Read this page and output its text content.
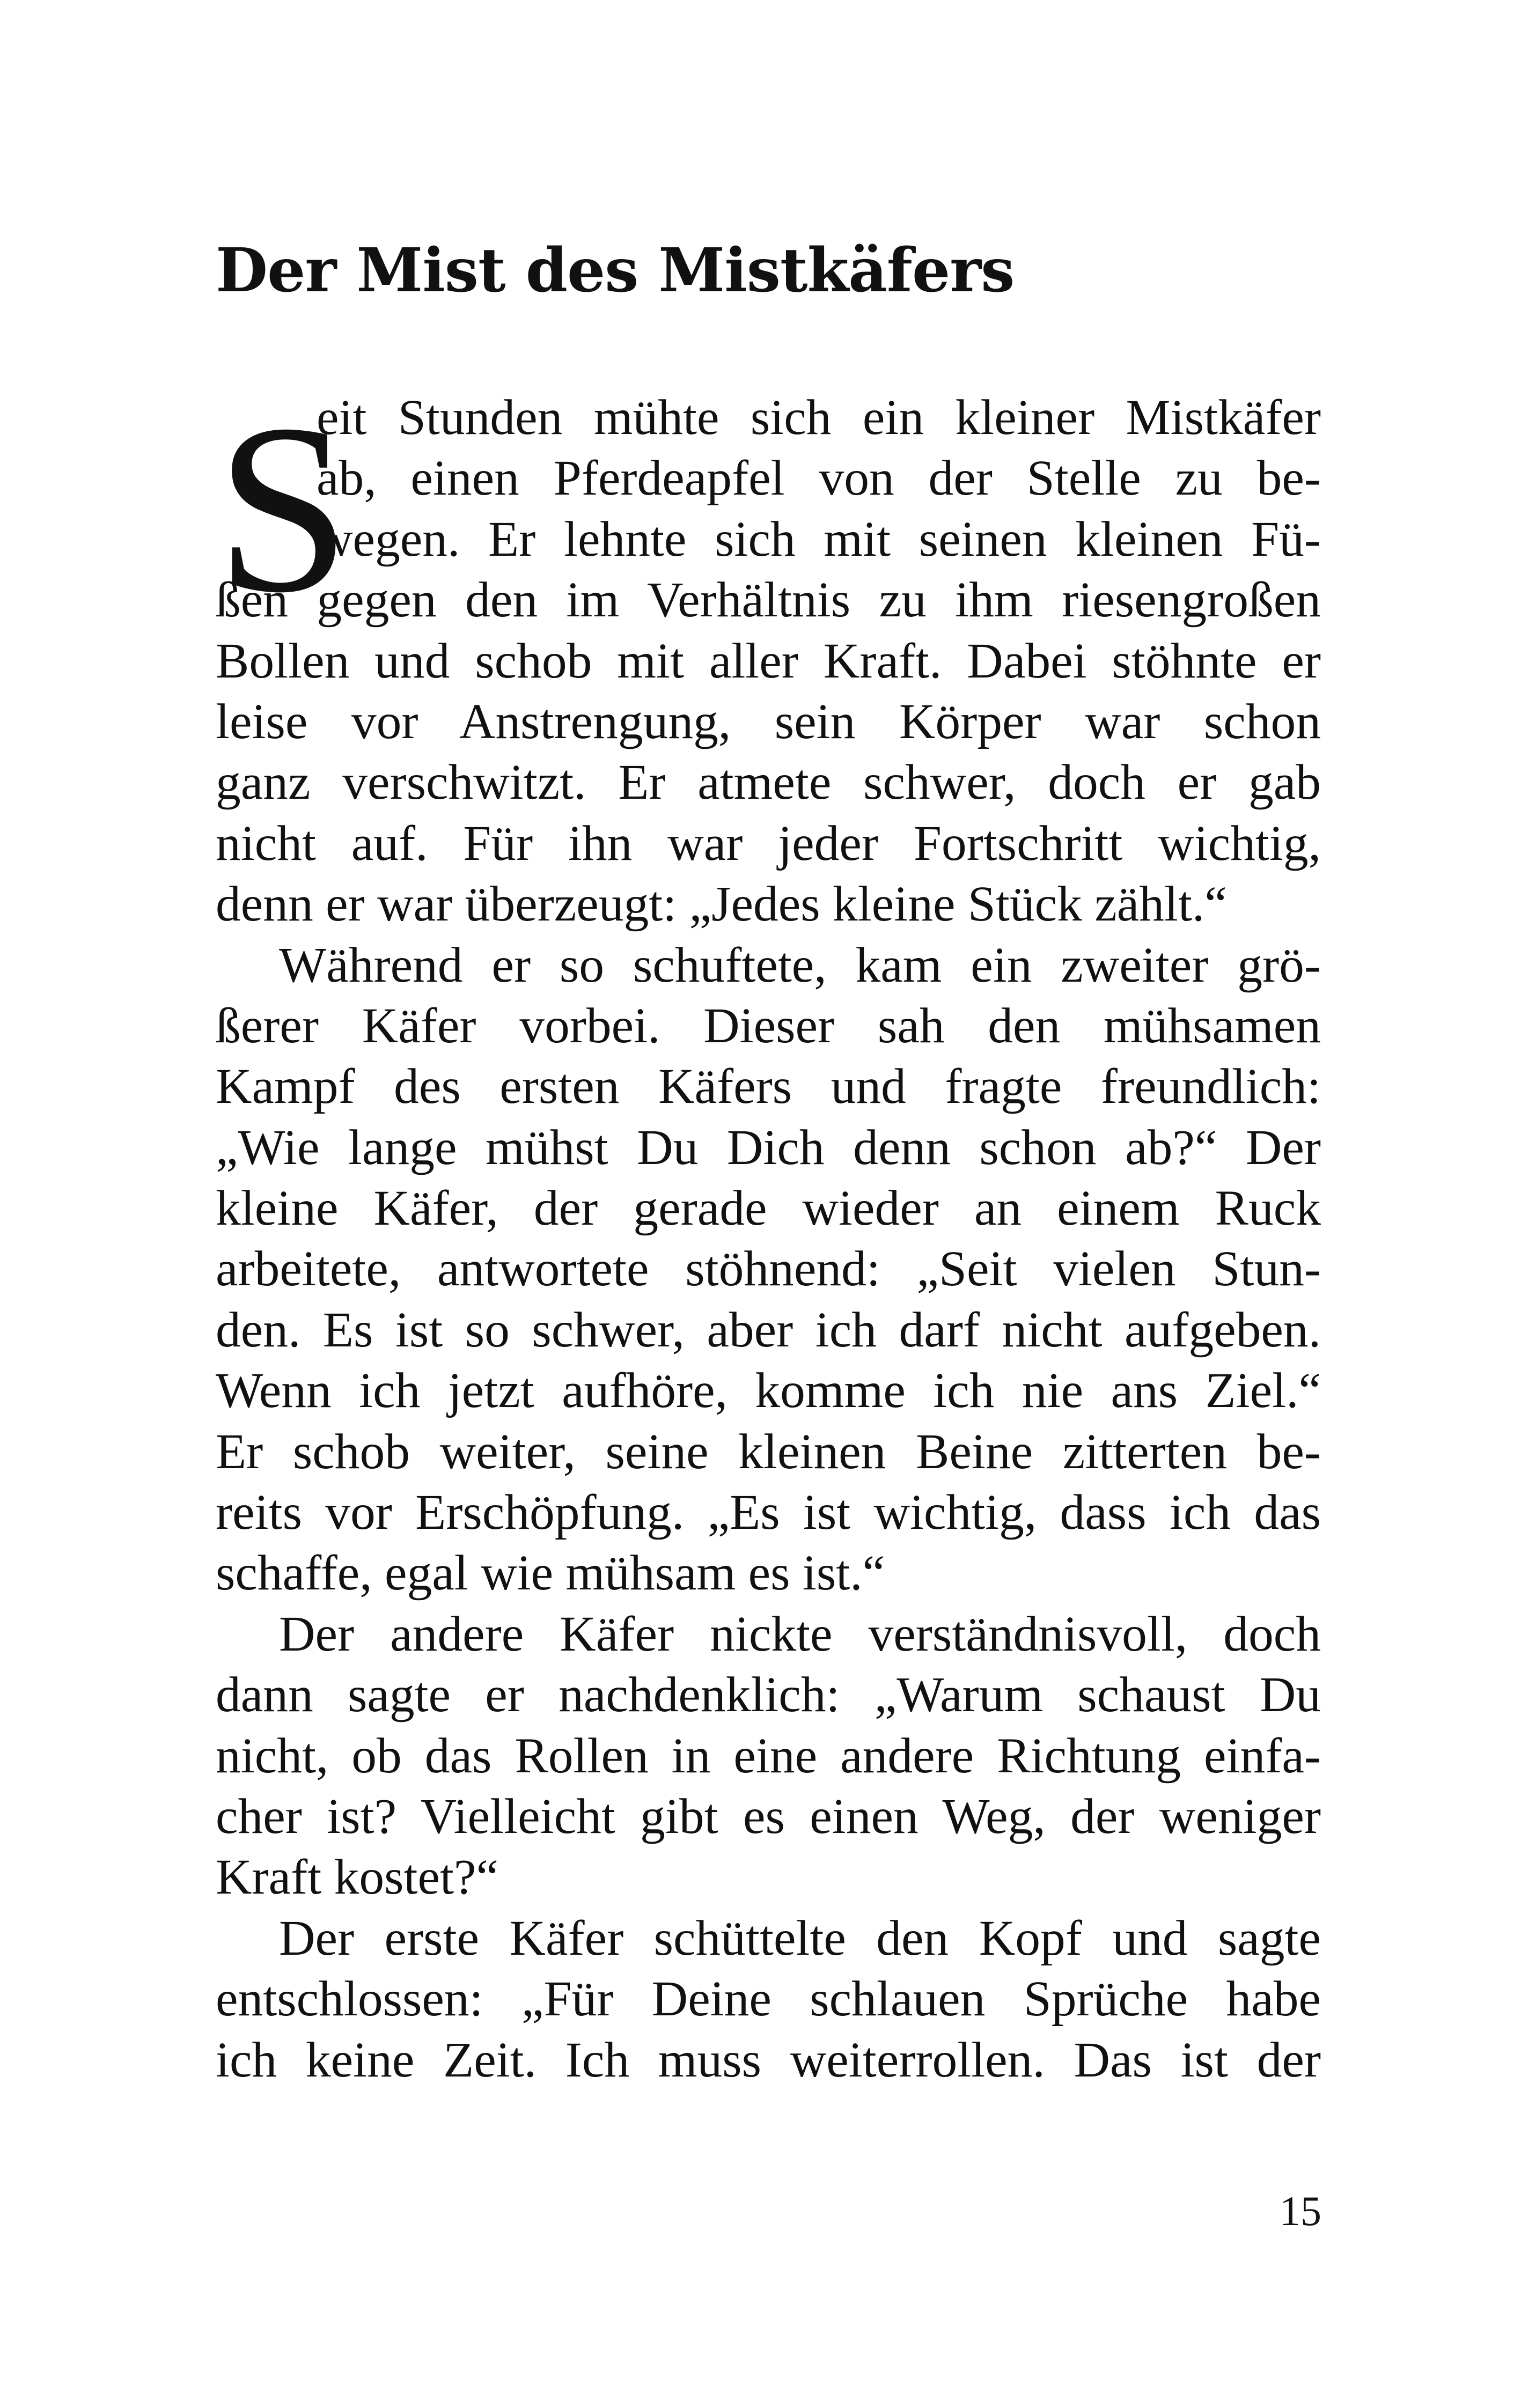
Der Mist des Mistkäfers
S
eit Stunden mühte sich ein kleiner Mistkäfer
ab, einen Pferdeapfel von der Stelle zu be-
wegen. Er lehnte sich mit seinen kleinen Fü-
ßen gegen den im Verhältnis zu ihm riesengroßen
Bollen und schob mit aller Kraft. Dabei stöhnte er
leise vor Anstrengung, sein Körper war schon
ganz verschwitzt. Er atmete schwer, doch er gab
nicht auf. Für ihn war jeder Fortschritt wichtig,
denn er war überzeugt: „Jedes kleine Stück zählt.“
Während er so schuftete, kam ein zweiter grö-
ßerer Käfer vorbei. Dieser sah den mühsamen
Kampf des ersten Käfers und fragte freundlich:
„Wie lange mühst Du Dich denn schon ab?“ Der
kleine Käfer, der gerade wieder an einem Ruck
arbeitete, antwortete stöhnend: „Seit vielen Stun-
den. Es ist so schwer, aber ich darf nicht aufgeben.
Wenn ich jetzt aufhöre, komme ich nie ans Ziel.“
Er schob weiter, seine kleinen Beine zitterten be-
reits vor Erschöpfung. „Es ist wichtig, dass ich das
schaffe, egal wie mühsam es ist.“
Der andere Käfer nickte verständnisvoll, doch
dann sagte er nachdenklich: „Warum schaust Du
nicht, ob das Rollen in eine andere Richtung einfa-
cher ist? Vielleicht gibt es einen Weg, der weniger
Kraft kostet?“
Der erste Käfer schüttelte den Kopf und sagte
entschlossen: „Für Deine schlauen Sprüche habe
ich keine Zeit. Ich muss weiterrollen. Das ist der

15
